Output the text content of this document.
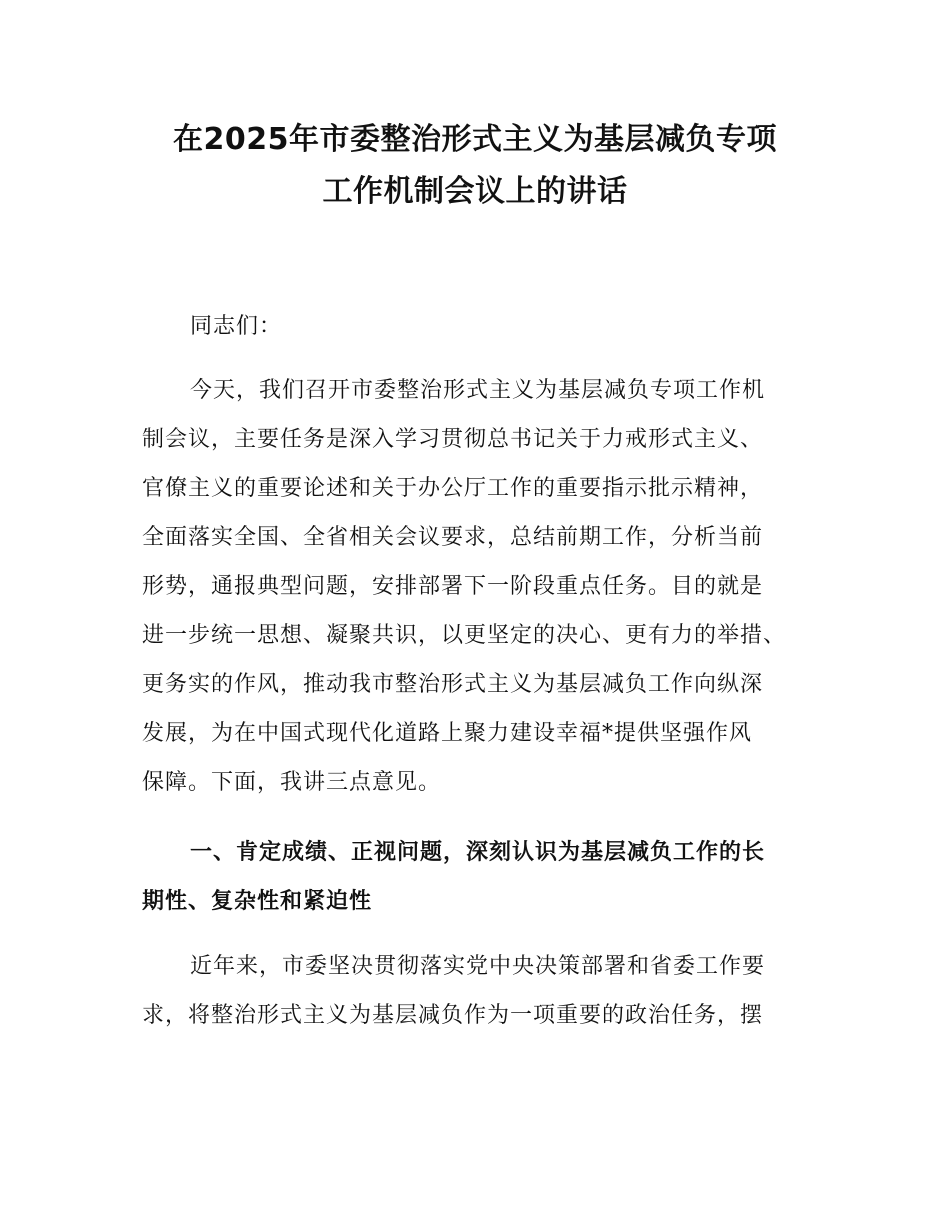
在2025年市委整治形式主义为基层减负专项
工作机制会议上的讲话

同志们：

今天，我们召开市委整治形式主义为基层减负专项工作机
制会议，主要任务是深入学习贯彻总书记关于力戒形式主义、
官僚主义的重要论述和关于办公厅工作的重要指示批示精神，
全面落实全国、全省相关会议要求，总结前期工作，分析当前
形势，通报典型问题，安排部署下一阶段重点任务。目的就是
进一步统一思想、凝聚共识，以更坚定的决心、更有力的举措、
更务实的作风，推动我市整治形式主义为基层减负工作向纵深
发展，为在中国式现代化道路上聚力建设幸福*提供坚强作风
保障。下面，我讲三点意见。

一、肯定成绩、正视问题，深刻认识为基层减负工作的长
期性、复杂性和紧迫性

近年来，市委坚决贯彻落实党中央决策部署和省委工作要
求，将整治形式主义为基层减负作为一项重要的政治任务，摆
